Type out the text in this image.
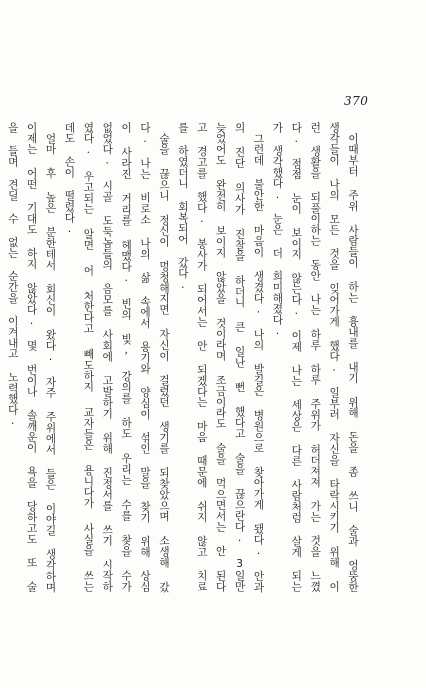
370

이때부터 주위 사람들이 하는 흉내를 내기 위해 돈을 좀 쓰니 술과 엉뚱한 생각들이 나의 모든 것을 잊어가게 했다. 일부러 자신을 타락시키기 위해 이런 생활을 되풀이하는 동안 나는 하루 하루 주위가 허더져져 가는 것을 느꼈다. 점점 눈이 보이지 않는다. 이제 나는 세상은 다른 사람처럼 살게 되는가 생각했다. 눈은 더 희미해졌다.

그런데 불안한 마음이 생겼다. 나의 발길은 병원으로 찾아가게 됐다. 안과의 진단 의사가 진찰을 하더니 큰 일난 뻔 했다고 술을 끊으란다. 3일만 늦었어도 완전히 보이지 않았을 것이라며 조금이라도 술을 먹으면서는 안 된다고 경고를 했다. 봉사가 되어서는 안 되겠다는 마음 때문에 쉬지 않고 치료를 하였더니 회복되어 갔다.

술을 끊으니 정신이 멍청해지면 자신이 걸렸던 생기를 되찾았으며 소생해 갔다. 나는 비로소 나의 삶 속에서 용기와 양심이 섞인 말을 찾기 위해 상심이 사라진 거리를 헤맸다. 빈의 빛, 강의를 하도 우리는 수를 찾을 수가 없었다. 시골 도둑놈들의 음모를 사회에 고발하기 위해 진정서를 쓰기 시작하였다. 우고되는 알면 어 처한다고 빼도하지 교자들은 용니다가 사실을 쓰는 데도 손이 떨렸다.

얼마 후 높은 분한테서 회신이 왔다. 자주 주위에서 들은 이야길 생각하며 이제는 어떤 기대도 하지 않았다. 몇 번이나 솔깨운이 욕을 당하고도 또 술을 들며 견딜 수 없는 순간을 이겨내고 노력했다.
